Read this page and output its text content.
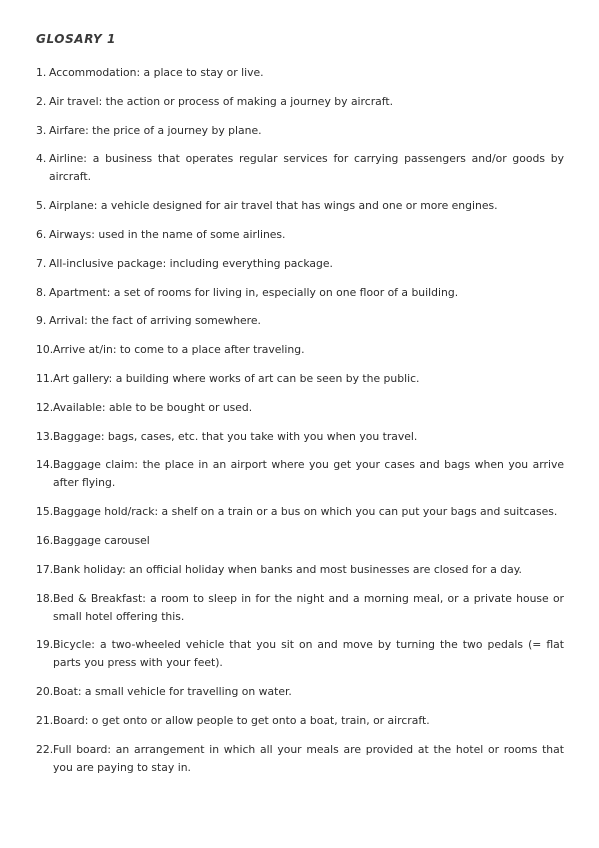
GLOSARY 1
1. Accommodation: a place to stay or live.
2. Air travel: the action or process of making a journey by aircraft.
3. Airfare: the price of a journey by plane.
4. Airline: a business that operates regular services for carrying passengers and/or goods by aircraft.
5. Airplane: a vehicle designed for air travel that has wings and one or more engines.
6. Airways: used in the name of some airlines.
7. All-inclusive package: including everything package.
8. Apartment: a set of rooms for living in, especially on one floor of a building.
9. Arrival: the fact of arriving somewhere.
10. Arrive at/in: to come to a place after traveling.
11. Art gallery: a building where works of art can be seen by the public.
12. Available: able to be bought or used.
13. Baggage: bags, cases, etc. that you take with you when you travel.
14. Baggage claim: the place in an airport where you get your cases and bags when you arrive after flying.
15. Baggage hold/rack: a shelf on a train or a bus on which you can put your bags and suitcases.
16. Baggage carousel
17. Bank holiday: an official holiday when banks and most businesses are closed for a day.
18. Bed & Breakfast: a room to sleep in for the night and a morning meal, or a private house or small hotel offering this.
19. Bicycle: a two-wheeled vehicle that you sit on and move by turning the two pedals (= flat parts you press with your feet).
20. Boat: a small vehicle for travelling on water.
21. Board: o get onto or allow people to get onto a boat, train, or aircraft.
22. Full board: an arrangement in which all your meals are provided at the hotel or rooms that you are paying to stay in.
